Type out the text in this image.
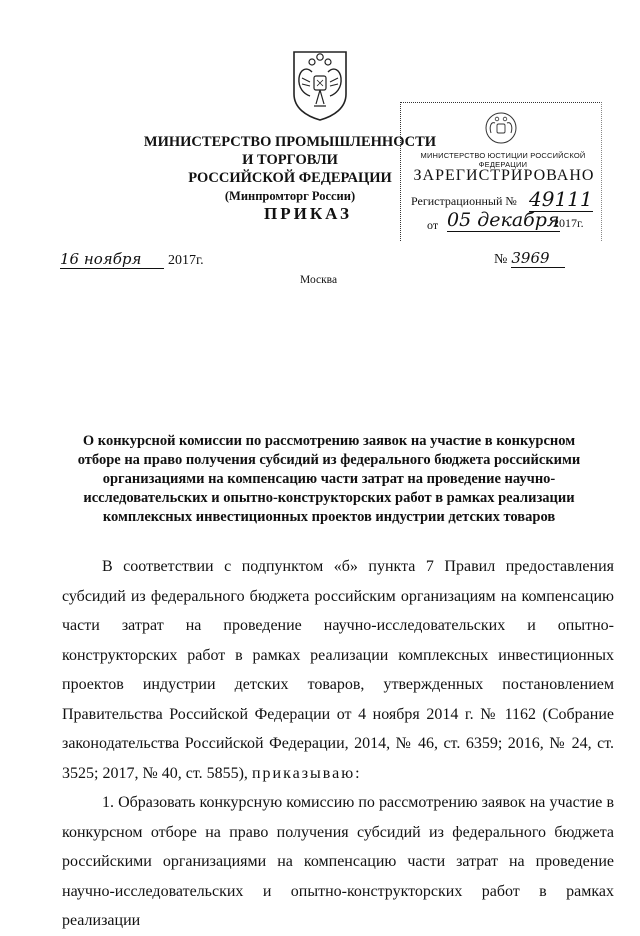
МИНИСТЕРСТВО ПРОМЫШЛЕННОСТИ И ТОРГОВЛИ
РОССИЙСКОЙ ФЕДЕРАЦИИ
(Минпромторг России)
ПРИКАЗ
МИНИСТЕРСТВО ЮСТИЦИИ РОССИЙСКОЙ ФЕДЕРАЦИИ
ЗАРЕГИСТРИРОВАНО
Регистрационный № 49111
от 05 декабря
2017г.
16 ноября 2017г.	№ 3969
Москва
О конкурсной комиссии по рассмотрению заявок на участие в конкурсном
отборе на право получения субсидий из федерального бюджета российскими
организациями на компенсацию части затрат на проведение научно-
исследовательских и опытно-конструкторских работ в рамках реализации
комплексных инвестиционных проектов индустрии детских товаров

В соответствии с подпунктом «б» пункта 7 Правил предоставления субсидий из федерального бюджета российским организациям на компенсацию части затрат на проведение научно-исследовательских и опытно-конструкторских работ в рамках реализации комплексных инвестиционных проектов индустрии детских товаров, утвержденных постановлением Правительства Российской Федерации от 4 ноября 2014 г. № 1162 (Собрание законодательства Российской Федерации, 2014, № 46, ст. 6359; 2016, № 24, ст. 3525; 2017, № 40, ст. 5855), приказываю:

1. Образовать конкурсную комиссию по рассмотрению заявок на участие в конкурсном отборе на право получения субсидий из федерального бюджета российскими организациями на компенсацию части затрат на проведение научно-исследовательских и опытно-конструкторских работ в рамках реализации
